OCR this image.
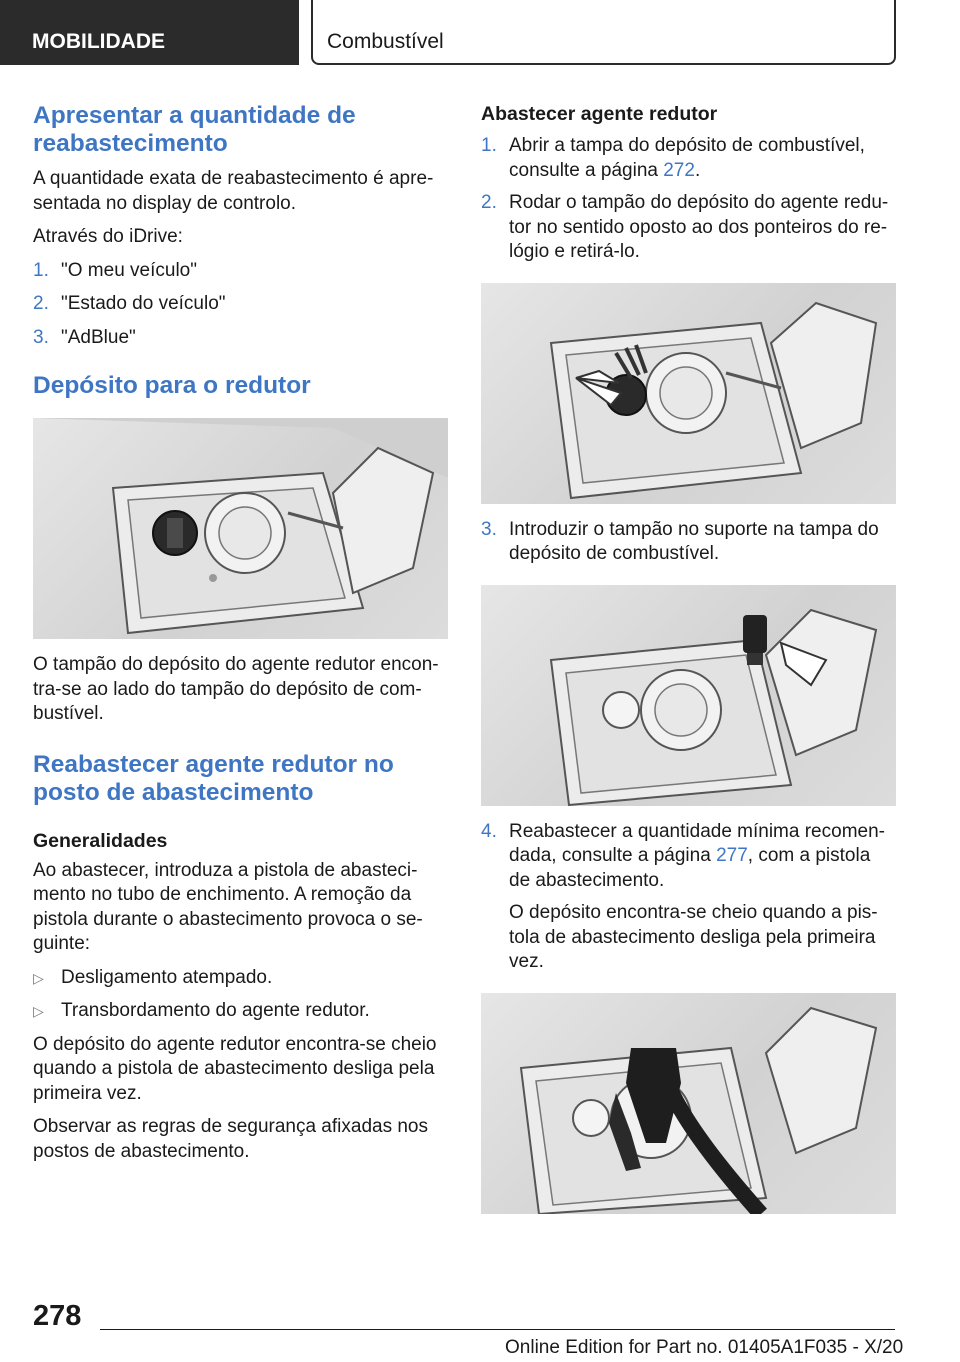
MOBILIDADE	Combustível
Apresentar a quantidade de reabastecimento

A quantidade exata de reabastecimento é apre-sentada no display de controlo.

Através do iDrive:

1. "O meu veículo"
2. "Estado do veículo"
3. "AdBlue"
Depósito para o redutor

O tampão do depósito do agente redutor encon-tra-se ao lado do tampão do depósito de com-bustível.

Reabastecer agente redutor no posto de abastecimento
Generalidades

Ao abastecer, introduza a pistola de abasteci-mento no tubo de enchimento. A remoção da pistola durante o abastecimento provoca o se-guinte:

▷ Desligamento atempado.
▷ Transbordamento do agente redutor.

O depósito do agente redutor encontra-se cheio quando a pistola de abastecimento desliga pela primeira vez.

Observar as regras de segurança afixadas nos postos de abastecimento.

Abastecer agente redutor
1. Abrir a tampa do depósito de combustível, consulte a página 272.
2. Rodar o tampão do depósito do agente redu-tor no sentido oposto ao dos ponteiros do re-lógio e retirá-lo.
3. Introduzir o tampão no suporte na tampa do depósito de combustível.
4. Reabastecer a quantidade mínima recomen-dada, consulte a página 277, com a pistola de abastecimento.

O depósito encontra-se cheio quando a pis-tola de abastecimento desliga pela primeira vez.

278
Online Edition for Part no. 01405A1F035 - X/20
